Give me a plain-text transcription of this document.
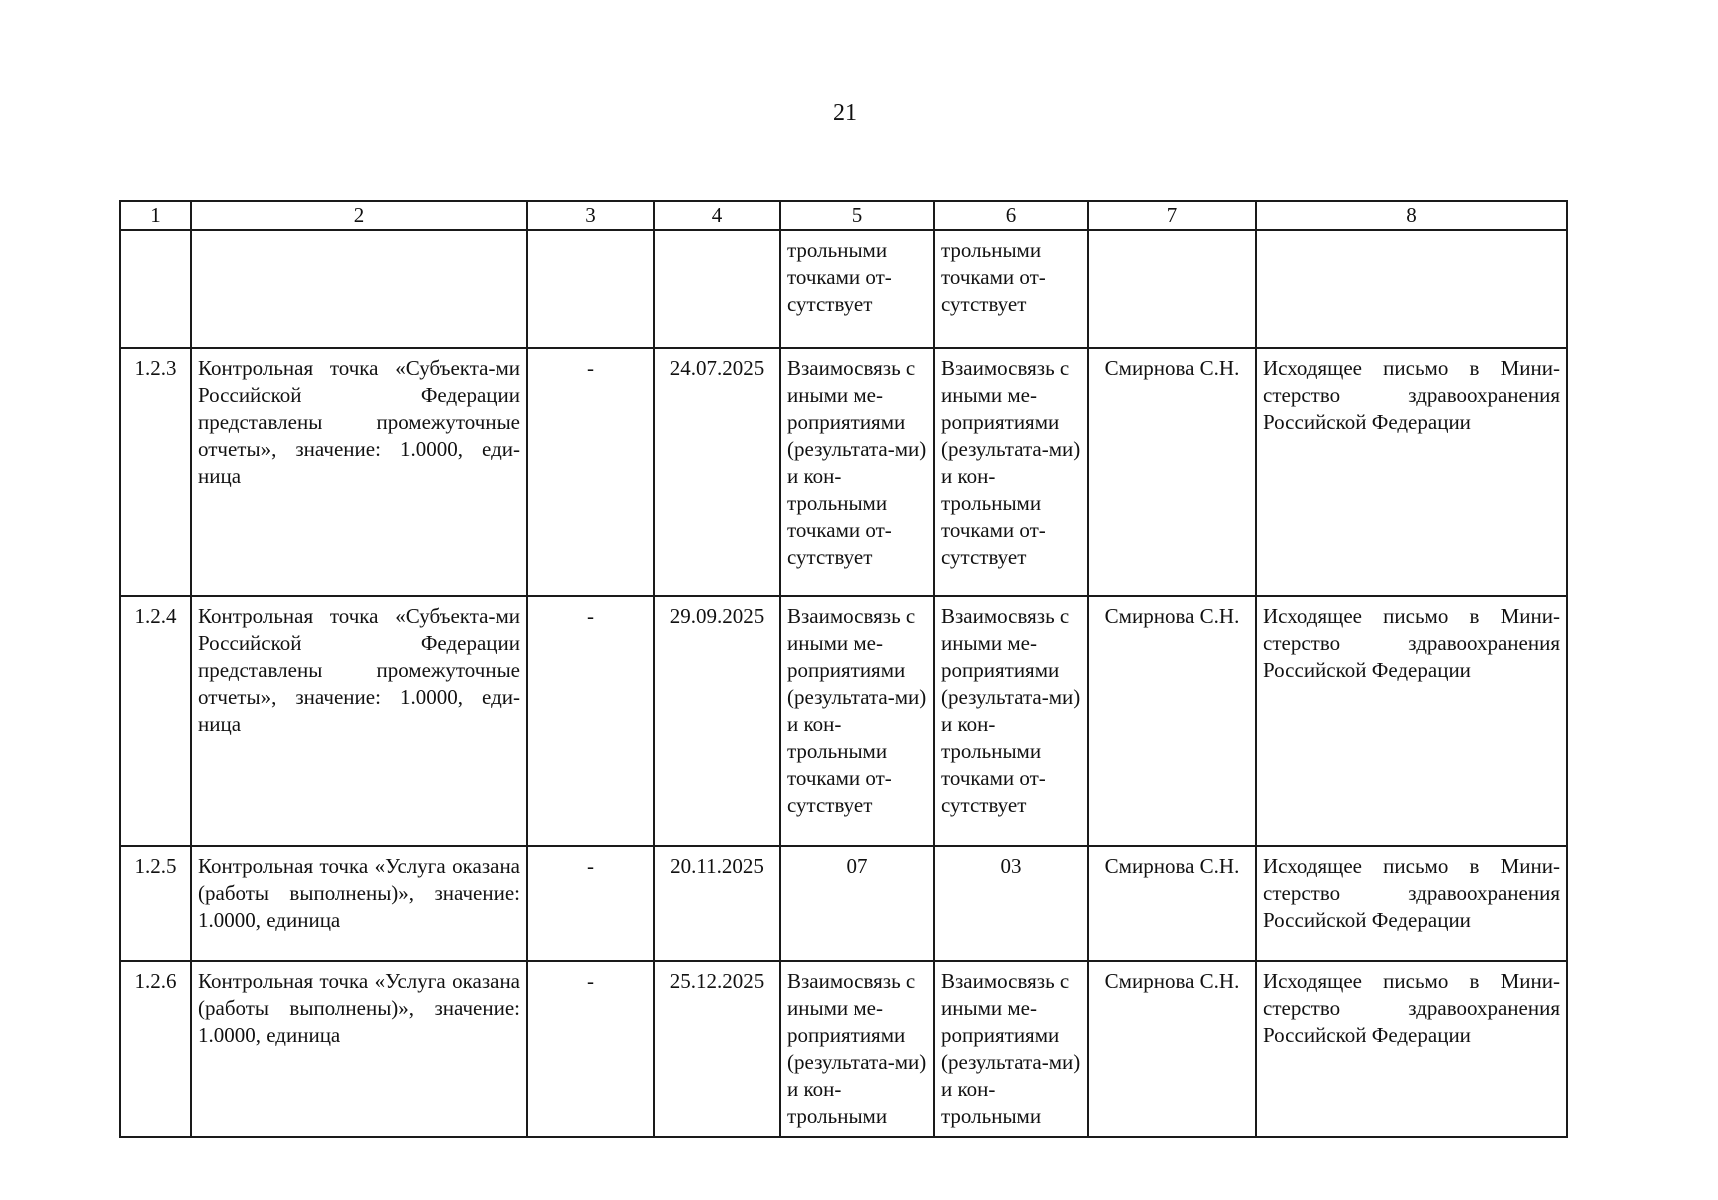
21
1	2	3	4	5	6	7	8
				трольными точками от-сутствует	трольными точками от-сутствует		
1.2.3	Контрольная точка «Субъекта-ми Российской Федерации представлены промежуточные отчеты», значение: 1.0000, еди-ница	-	24.07.2025	Взаимосвязь с иными ме-роприятиями (результата-ми) и кон-трольными точками от-сутствует	Взаимосвязь с иными ме-роприятиями (результата-ми) и кон-трольными точками от-сутствует	Смирнова С.Н.	Исходящее письмо в Мини-стерство здравоохранения Российской Федерации
1.2.4	Контрольная точка «Субъекта-ми Российской Федерации представлены промежуточные отчеты», значение: 1.0000, еди-ница	-	29.09.2025	Взаимосвязь с иными ме-роприятиями (результата-ми) и кон-трольными точками от-сутствует	Взаимосвязь с иными ме-роприятиями (результата-ми) и кон-трольными точками от-сутствует	Смирнова С.Н.	Исходящее письмо в Мини-стерство здравоохранения Российской Федерации
1.2.5	Контрольная точка «Услуга оказана (работы выполнены)», значение: 1.0000, единица	-	20.11.2025	07	03	Смирнова С.Н.	Исходящее письмо в Мини-стерство здравоохранения Российской Федерации
1.2.6	Контрольная точка «Услуга оказана (работы выполнены)», значение: 1.0000, единица	-	25.12.2025	Взаимосвязь с иными ме-роприятиями (результата-ми) и кон-трольными	Взаимосвязь с иными ме-роприятиями (результата-ми) и кон-трольными	Смирнова С.Н.	Исходящее письмо в Мини-стерство здравоохранения Российской Федерации
